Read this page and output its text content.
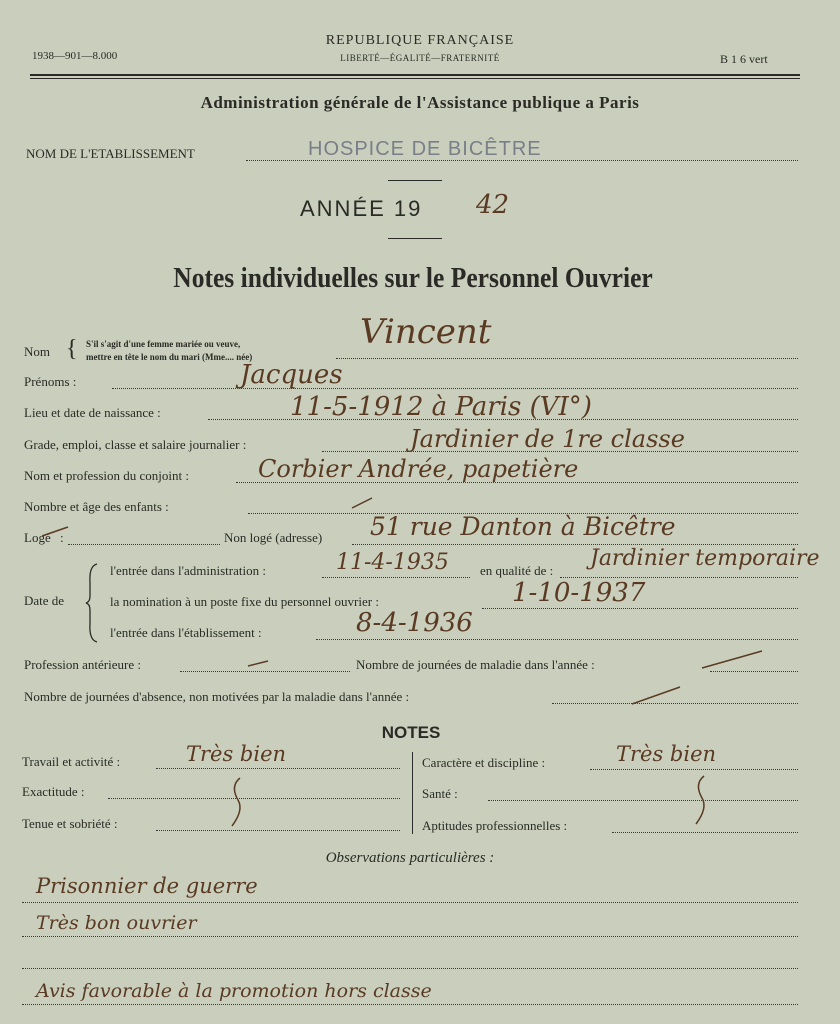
1938—901—8.000
REPUBLIQUE FRANÇAISE
LIBERTÉ—ÉGALITÉ—FRATERNITÉ	B 1 6 vert
Administration générale de l'Assistance publique a Paris
NOM DE L'ETABLISSEMENT	HOSPICE DE BICÊTRE
ANNÉE 19 42
Notes individuelles sur le Personnel Ouvrier
Nom { S'il s'agit d'une femme mariée ou veuve,
mettre en tête le nom du mari (Mme.... née)
Vincent
Prénoms :	Jacques
Lieu et date de naissance :	11-5-1912 à Paris (VI°)
Grade, emploi, classe et salaire journalier :	Jardinier de 1re classe
Nom et profession du conjoint :	Corbier Andrée, papetière
Nombre et âge des enfants :
Logé :	Non logé (adresse) 51 rue Danton à Bicêtre
Date de
l'entrée dans l'administration :	11-4-1935 en qualité de : Jardinier temporaire
la nomination à un poste fixe du personnel ouvrier :	1-10-1937
l'entrée dans l'établissement :	8-4-1936
Profession antérieure :	Nombre de journées de maladie dans l'année :
Nombre de journées d'absence, non motivées par la maladie dans l'année :
NOTES
Travail et activité :	Très bien	Caractère et discipline :	Très bien
Exactitude :	Santé :
Tenue et sobriété :	Aptitudes professionnelles :
Observations particulières :
Prisonnier de guerre
Très bon ouvrier
Avis favorable à la promotion hors classe
